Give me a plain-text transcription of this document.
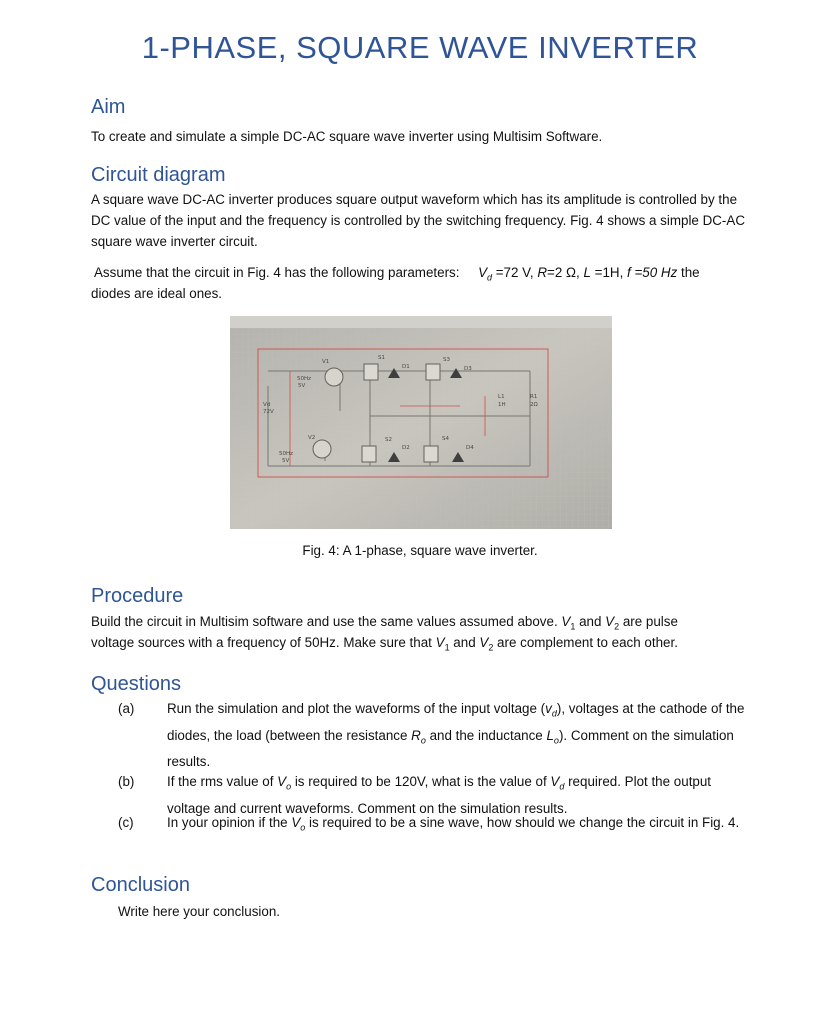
1-PHASE, SQUARE WAVE INVERTER
Aim
To create and simulate a simple DC-AC square wave inverter using Multisim Software.
Circuit diagram
A square wave DC-AC inverter produces square output waveform which has its amplitude is controlled by the DC value of the input and the frequency is controlled by the switching frequency. Fig. 4 shows a simple DC-AC square wave inverter circuit.
Assume that the circuit in Fig. 4 has the following parameters: $V_d =72$ V, R=2 Ω, L =1H, f =50 Hz the
diodes are ideal ones.
S1	S3
S2	S4
D1	D3
D2	D4
V1
V2
50Hz
5V
50Hz
5V
Vd
72V
L1
1H
R1
2Ω
Fig. 4: A 1-phase, square wave inverter.
Procedure
Build the circuit in Multisim software and use the same values assumed above. $V_1$ and $V_2$ are pulse
voltage sources with a frequency of 50Hz. Make sure that $V_1$ and $V_2$ are complement to each other.
Questions
(a) Run the simulation and plot the waveforms of the input voltage $(v_d)$, voltages at the cathode of the diodes, the load (between the resistance $R_o$ and the inductance $L_o$). Comment on the simulation results.
(b) If the rms value of $V_o$ is required to be 120V, what is the value of $V_d$ required. Plot the output voltage and current waveforms. Comment on the simulation results.
(c) In your opinion if the $V_o$ is required to be a sine wave, how should we change the circuit in Fig. 4.
Conclusion
Write here your conclusion.
